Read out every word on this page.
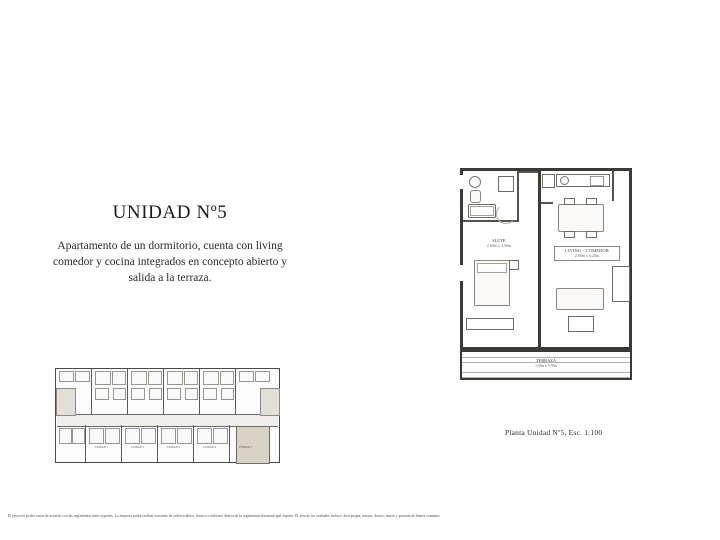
UNIDAD Nº5
Apartamento de un dormitorio, cuenta con living comedor y cocina integrados en concepto abierto y salida a la terraza.
UNIDAD 1	UNIDAD 2	UNIDAD 3	UNIDAD 4	UNIDAD 5
SUITE
2,60m x 3,50m
LIVING - COMEDOR
2,80m x 6,20m
TERRAZA
1,55m x 5,70m
Planta Unidad Nº5, Esc. 1:100
El proyecto podrá variar de acuerdo con las reglamentaciones vigentes. La empresa podrá realizar variantes de orden estético, técnico o utilitario dentro de la reglamentación municipal vigente. El área de los acabados incluye: área propia, terraza, ductos, muros y prorrata de bienes comunes.
